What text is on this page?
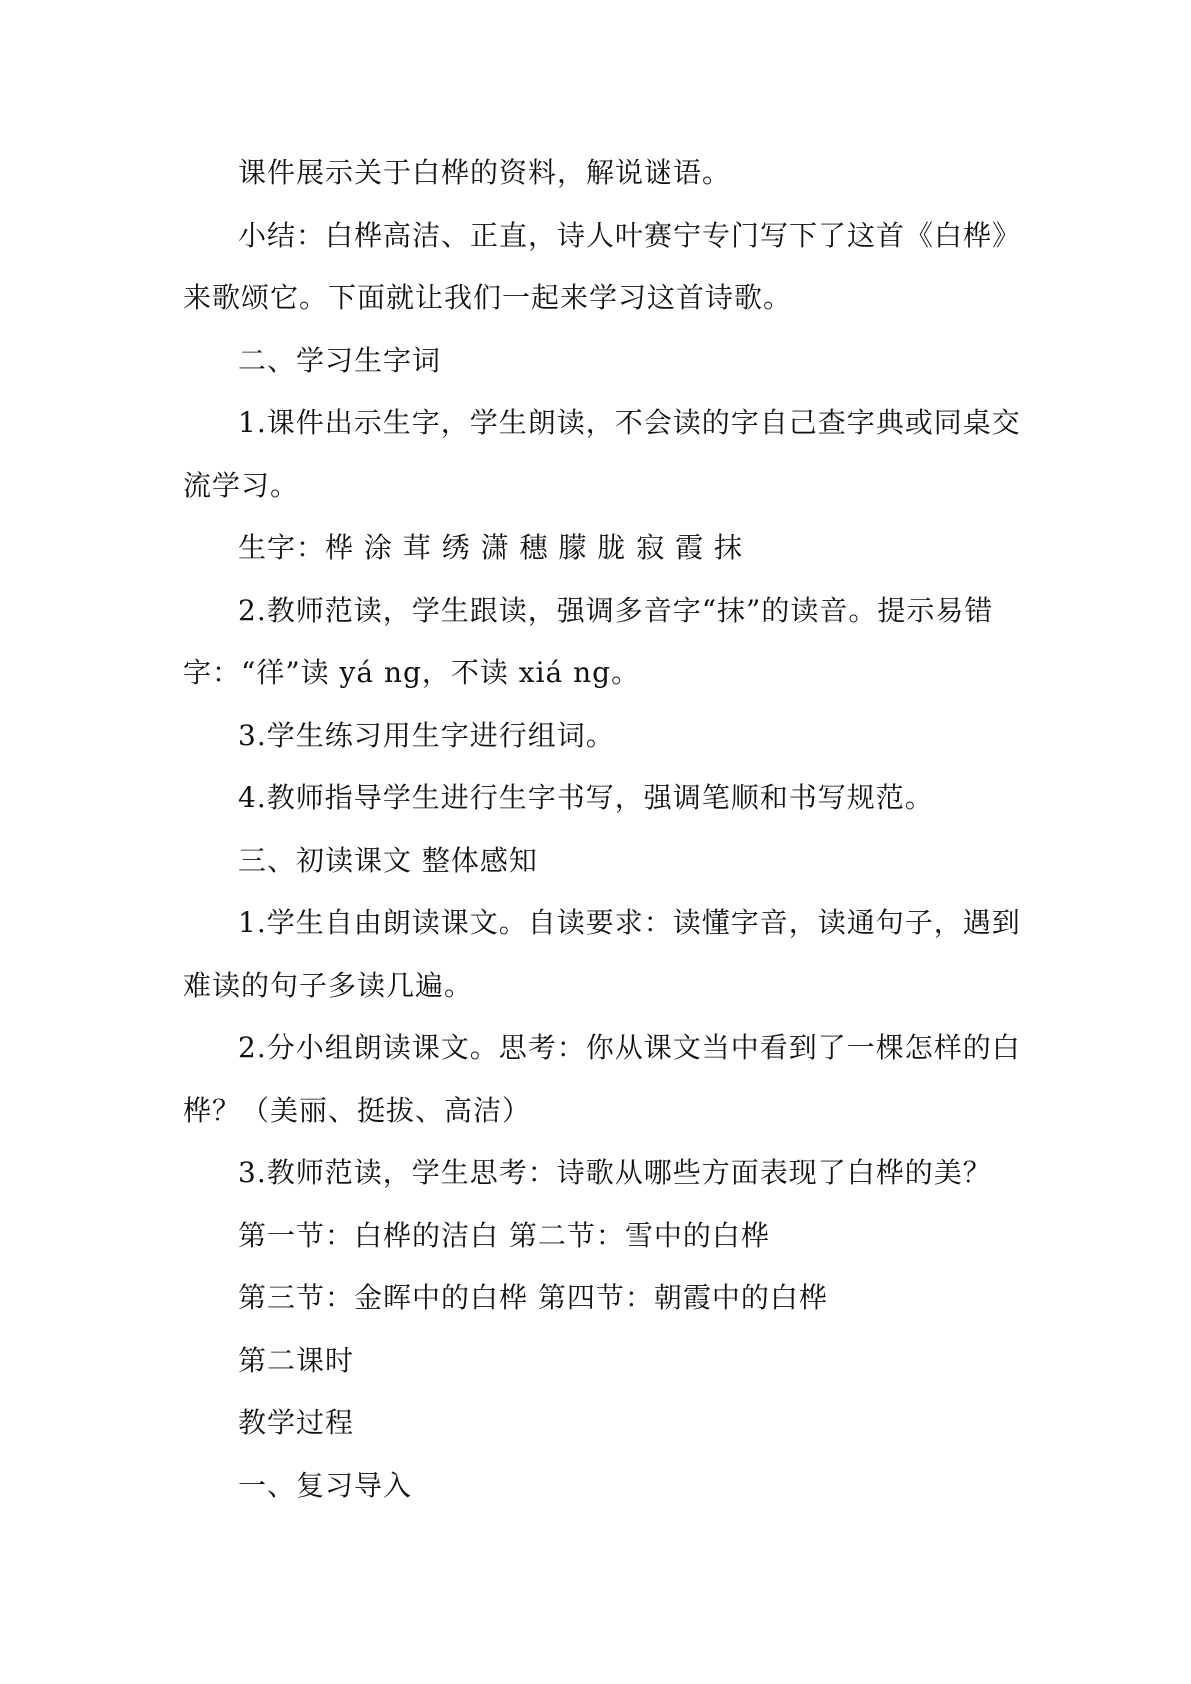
课件展示关于白桦的资料，解说谜语。
小结：白桦高洁、正直，诗人叶赛宁专门写下了这首《白桦》
来歌颂它。下面就让我们一起来学习这首诗歌。
二、学习生字词
1.课件出示生字，学生朗读，不会读的字自己查字典或同桌交
流学习。
生字：桦 涂 茸 绣 潇 穗 朦 胧 寂 霞 抹
2.教师范读，学生跟读，强调多音字“抹”的读音。提示易错
字：“徉”读 yá ng，不读 xiá ng。
3.学生练习用生字进行组词。
4.教师指导学生进行生字书写，强调笔顺和书写规范。
三、初读课文 整体感知
1.学生自由朗读课文。自读要求：读懂字音，读通句子，遇到
难读的句子多读几遍。
2.分小组朗读课文。思考：你从课文当中看到了一棵怎样的白
桦？（美丽、挺拔、高洁）
3.教师范读，学生思考：诗歌从哪些方面表现了白桦的美？
第一节：白桦的洁白 第二节：雪中的白桦
第三节：金晖中的白桦 第四节：朝霞中的白桦
第二课时
教学过程
一、复习导入
